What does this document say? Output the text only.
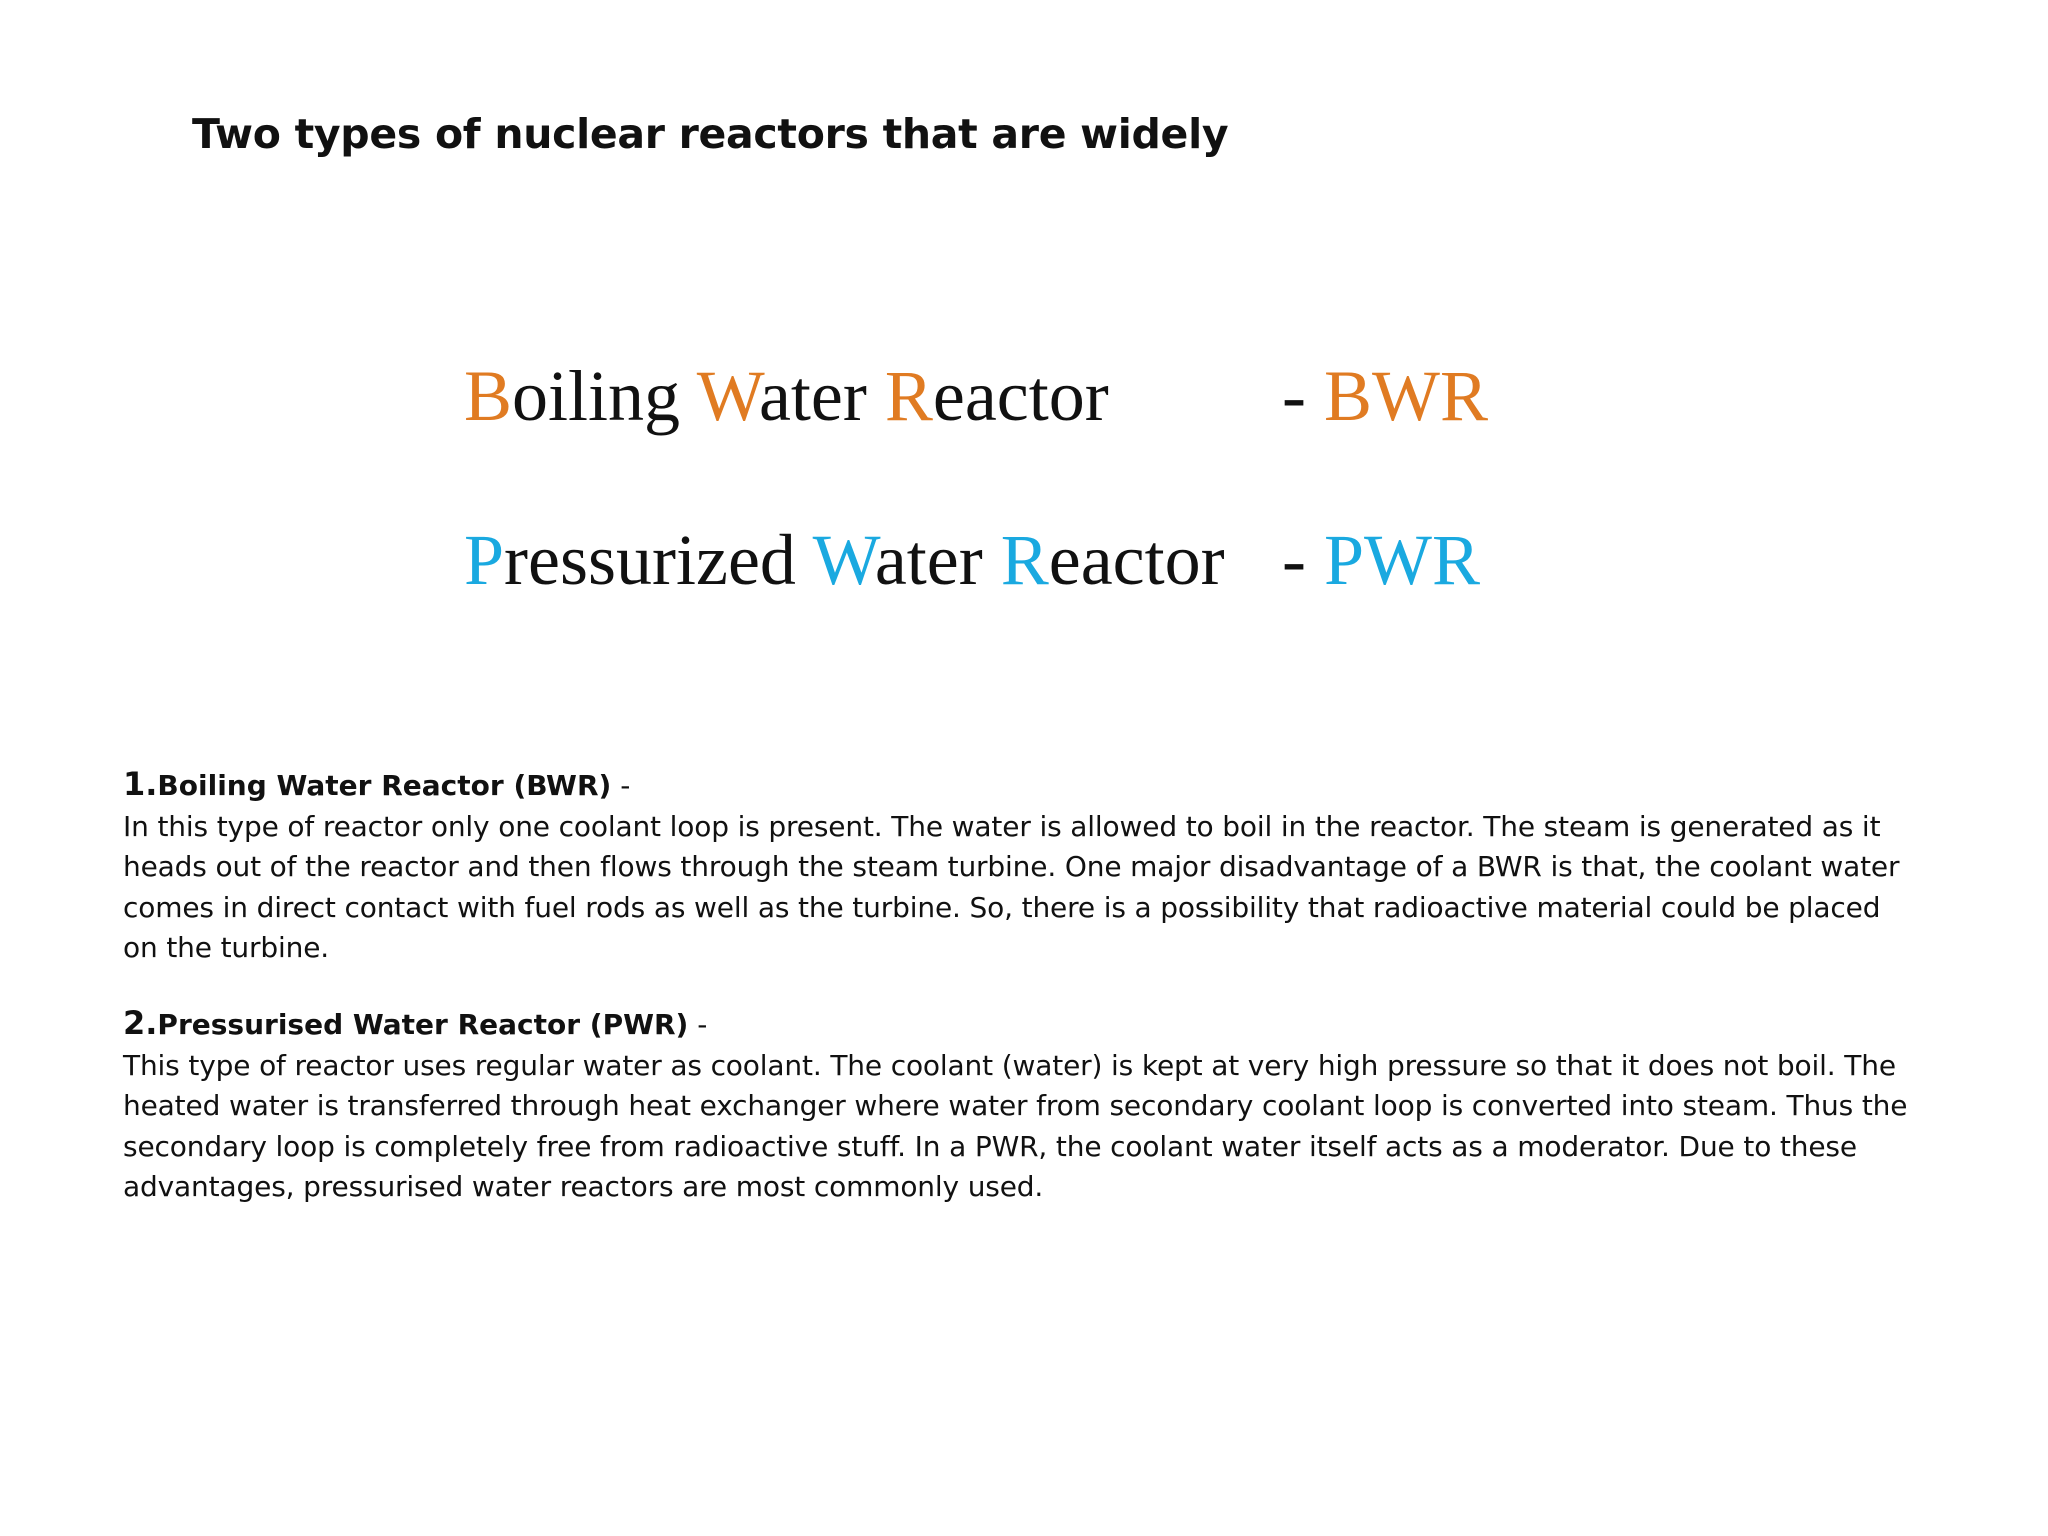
Two types of nuclear reactors that are widely
Boiling Water Reactor - BWR
Pressurized Water Reactor - PWR
1.Boiling Water Reactor (BWR) -

In this type of reactor only one coolant loop is present. The water is allowed to boil in the reactor. The steam is generated as it heads out of the reactor and then flows through the steam turbine. One major disadvantage of a BWR is that, the coolant water comes in direct contact with fuel rods as well as the turbine. So, there is a possibility that radioactive material could be placed on the turbine.

2.Pressurised Water Reactor (PWR) -

This type of reactor uses regular water as coolant. The coolant (water) is kept at very high pressure so that it does not boil. The heated water is transferred through heat exchanger where water from secondary coolant loop is converted into steam. Thus the secondary loop is completely free from radioactive stuff. In a PWR, the coolant water itself acts as a moderator. Due to these advantages, pressurised water reactors are most commonly used.
